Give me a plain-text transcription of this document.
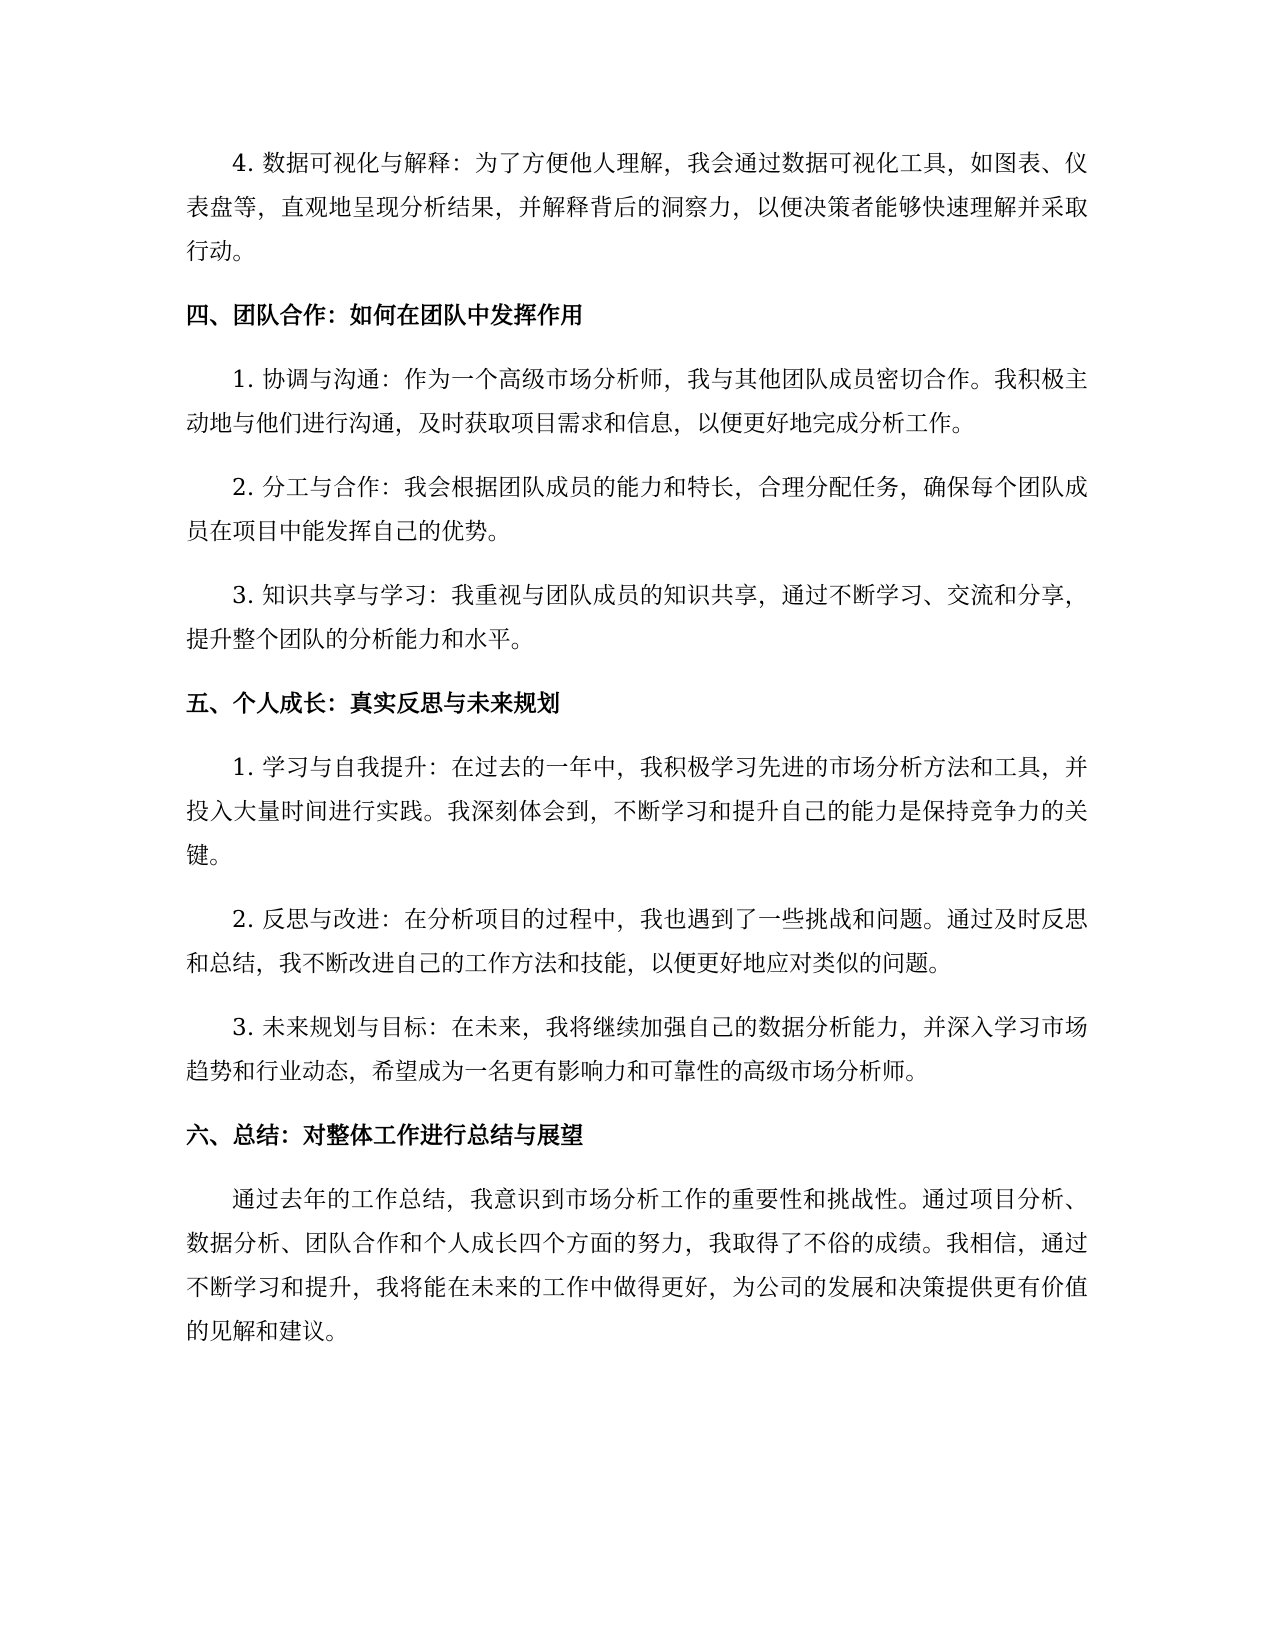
4. 数据可视化与解释：为了方便他人理解，我会通过数据可视化工具，如图表、仪表盘等，直观地呈现分析结果，并解释背后的洞察力，以便决策者能够快速理解并采取行动。

四、团队合作：如何在团队中发挥作用

1. 协调与沟通：作为一个高级市场分析师，我与其他团队成员密切合作。我积极主动地与他们进行沟通，及时获取项目需求和信息，以便更好地完成分析工作。

2. 分工与合作：我会根据团队成员的能力和特长，合理分配任务，确保每个团队成员在项目中能发挥自己的优势。

3. 知识共享与学习：我重视与团队成员的知识共享，通过不断学习、交流和分享，提升整个团队的分析能力和水平。

五、个人成长：真实反思与未来规划

1. 学习与自我提升：在过去的一年中，我积极学习先进的市场分析方法和工具，并投入大量时间进行实践。我深刻体会到，不断学习和提升自己的能力是保持竞争力的关键。

2. 反思与改进：在分析项目的过程中，我也遇到了一些挑战和问题。通过及时反思和总结，我不断改进自己的工作方法和技能，以便更好地应对类似的问题。

3. 未来规划与目标：在未来，我将继续加强自己的数据分析能力，并深入学习市场趋势和行业动态，希望成为一名更有影响力和可靠性的高级市场分析师。

六、总结：对整体工作进行总结与展望

通过去年的工作总结，我意识到市场分析工作的重要性和挑战性。通过项目分析、数据分析、团队合作和个人成长四个方面的努力，我取得了不俗的成绩。我相信，通过不断学习和提升，我将能在未来的工作中做得更好，为公司的发展和决策提供更有价值的见解和建议。
